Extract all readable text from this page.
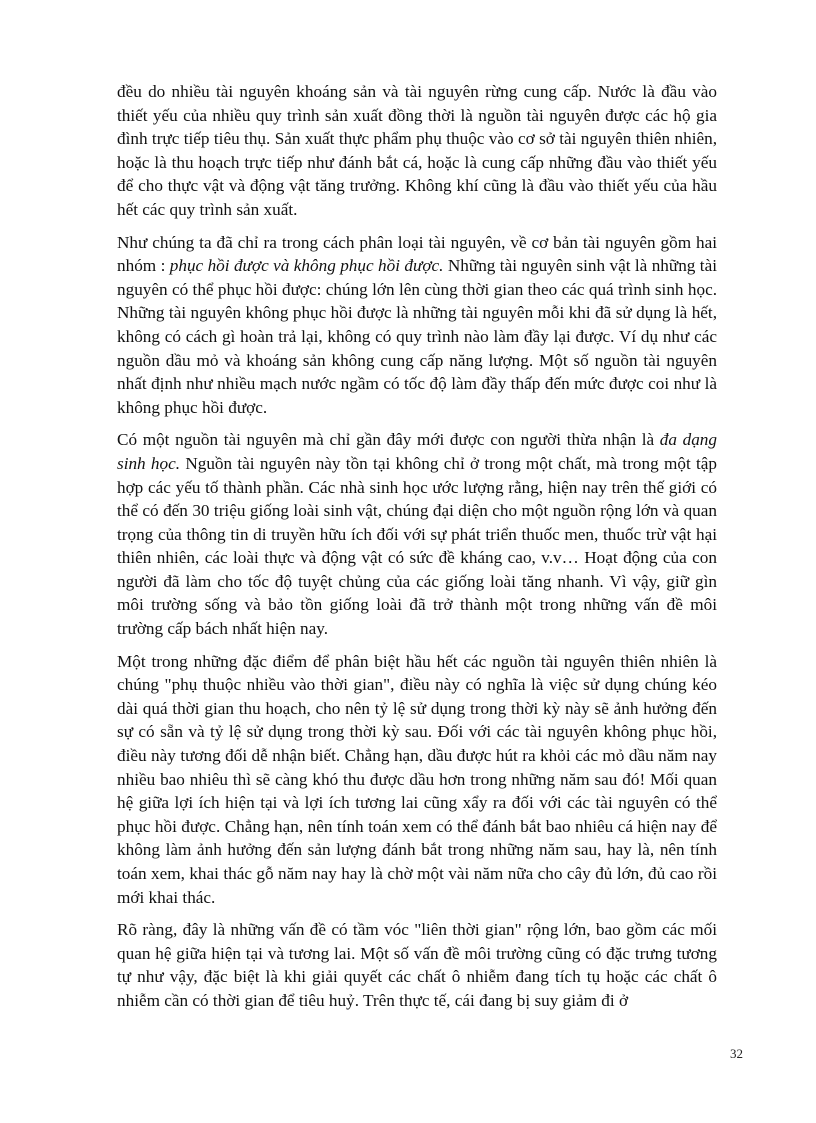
đều do nhiều tài nguyên khoáng sản và tài nguyên rừng cung cấp. Nước là đầu vào thiết yếu của nhiều quy trình sản xuất đồng thời là nguồn tài nguyên được các hộ gia đình trực tiếp tiêu thụ. Sản xuất thực phẩm phụ thuộc vào cơ sở tài nguyên thiên nhiên, hoặc là thu hoạch trực tiếp như đánh bắt cá, hoặc là cung cấp những đầu vào thiết yếu để cho thực vật và động vật tăng trưởng. Không khí cũng là đầu vào thiết yếu của hầu hết các quy trình sản xuất.

Như chúng ta đã chỉ ra trong cách phân loại tài nguyên, về cơ bản tài nguyên gồm hai nhóm : phục hồi được và không phục hồi được. Những tài nguyên sinh vật là những tài nguyên có thể phục hồi được: chúng lớn lên cùng thời gian theo các quá trình sinh học. Những tài nguyên không phục hồi được là những tài nguyên mỗi khi đã sử dụng là hết, không có cách gì hoàn trả lại, không có quy trình nào làm đầy lại được. Ví dụ như các nguồn dầu mỏ và khoáng sản không cung cấp năng lượng. Một số nguồn tài nguyên nhất định như nhiều mạch nước ngầm có tốc độ làm đầy thấp đến mức được coi như là không phục hồi được.

Có một nguồn tài nguyên mà chỉ gần đây mới được con người thừa nhận là đa dạng sinh học. Nguồn tài nguyên này tồn tại không chỉ ở trong một chất, mà trong một tập hợp các yếu tố thành phần. Các nhà sinh học ước lượng rằng, hiện nay trên thế giới có thể có đến 30 triệu giống loài sinh vật, chúng đại diện cho một nguồn rộng lớn và quan trọng của thông tin di truyền hữu ích đối với sự phát triển thuốc men, thuốc trừ vật hại thiên nhiên, các loài thực và động vật có sức đề kháng cao, v.v… Hoạt động của con người đã làm cho tốc độ tuyệt chủng của các giống loài tăng nhanh. Vì vậy, giữ gìn môi trường sống và bảo tồn giống loài đã trở thành một trong những vấn đề môi trường cấp bách nhất hiện nay.

Một trong những đặc điểm để phân biệt hầu hết các nguồn tài nguyên thiên nhiên là chúng "phụ thuộc nhiều vào thời gian", điều này có nghĩa là việc sử dụng chúng kéo dài quá thời gian thu hoạch, cho nên tỷ lệ sử dụng trong thời kỳ này sẽ ảnh hưởng đến sự có sẵn và tỷ lệ sử dụng trong thời kỳ sau. Đối với các tài nguyên không phục hồi, điều này tương đối dễ nhận biết. Chẳng hạn, dầu được hút ra khỏi các mỏ dầu năm nay nhiều bao nhiêu thì sẽ càng khó thu được dầu hơn trong những năm sau đó! Mối quan hệ giữa lợi ích hiện tại và lợi ích tương lai cũng xẩy ra đối với các tài nguyên có thể phục hồi được. Chẳng hạn, nên tính toán xem có thể đánh bắt bao nhiêu cá hiện nay để không làm ảnh hưởng đến sản lượng đánh bắt trong những năm sau, hay là, nên tính toán xem, khai thác gỗ năm nay hay là chờ một vài năm nữa cho cây đủ lớn, đủ cao rồi mới khai thác.

Rõ ràng, đây là những vấn đề có tầm vóc "liên thời gian" rộng lớn, bao gồm các mối quan hệ giữa hiện tại và tương lai. Một số vấn đề môi trường cũng có đặc trưng tương tự như vậy, đặc biệt là khi giải quyết các chất ô nhiễm đang tích tụ hoặc các chất ô nhiễm cần có thời gian để tiêu huỷ. Trên thực tế, cái đang bị suy giảm đi ở

32
